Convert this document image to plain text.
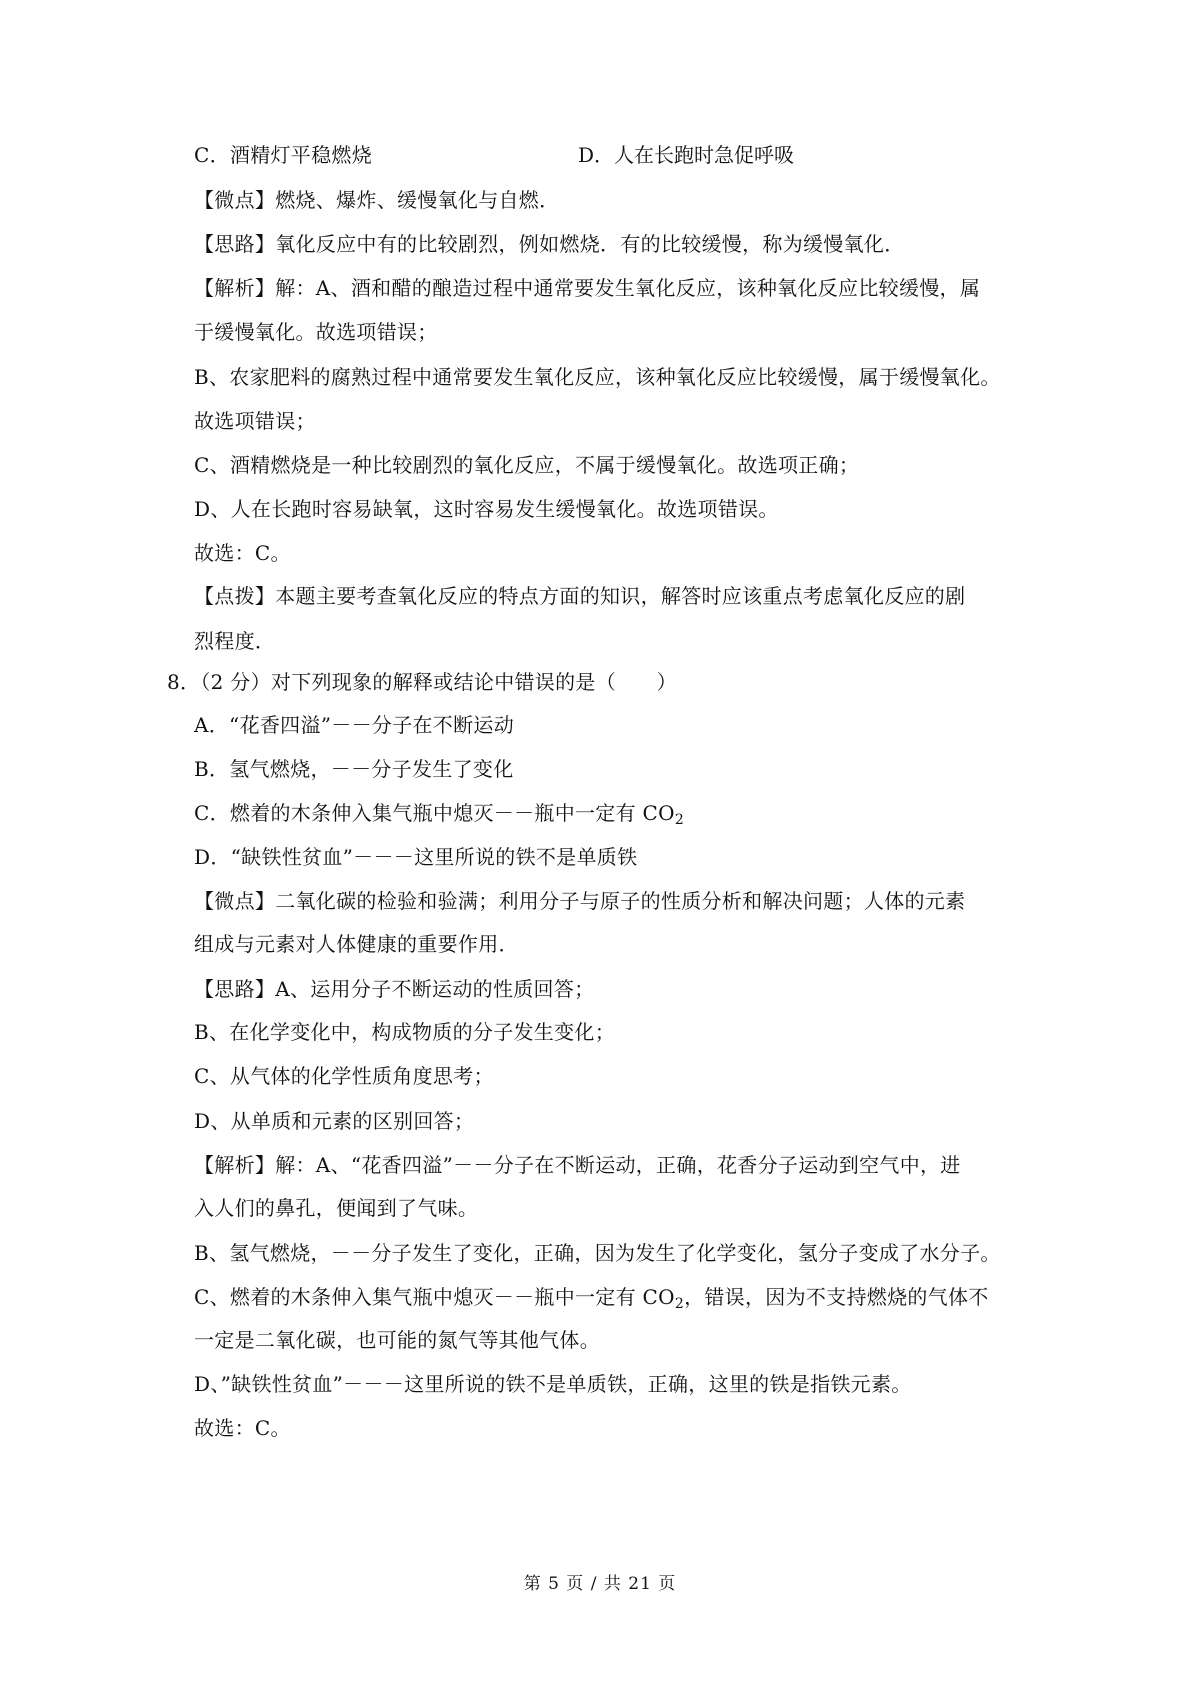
C．酒精灯平稳燃烧	D．人在长跑时急促呼吸
【微点】燃烧、爆炸、缓慢氧化与自燃．
【思路】氧化反应中有的比较剧烈，例如燃烧．有的比较缓慢，称为缓慢氧化．
【解析】解：A、酒和醋的酿造过程中通常要发生氧化反应，该种氧化反应比较缓慢，属
于缓慢氧化。故选项错误；
B、农家肥料的腐熟过程中通常要发生氧化反应，该种氧化反应比较缓慢，属于缓慢氧化。
故选项错误；
C、酒精燃烧是一种比较剧烈的氧化反应，不属于缓慢氧化。故选项正确；
D、人在长跑时容易缺氧，这时容易发生缓慢氧化。故选项错误。
故选：C。
【点拨】本题主要考查氧化反应的特点方面的知识，解答时应该重点考虑氧化反应的剧
烈程度．
8．（2 分）对下列现象的解释或结论中错误的是（　　）
A．“花香四溢”－－分子在不断运动
B．氢气燃烧，－－分子发生了变化
C．燃着的木条伸入集气瓶中熄灭－－瓶中一定有 $CO_2$
D．“缺铁性贫血”－－－这里所说的铁不是单质铁
【微点】二氧化碳的检验和验满；利用分子与原子的性质分析和解决问题；人体的元素
组成与元素对人体健康的重要作用．
【思路】A、运用分子不断运动的性质回答；
B、在化学变化中，构成物质的分子发生变化；
C、从气体的化学性质角度思考；
D、从单质和元素的区别回答；
【解析】解：A、“花香四溢”－－分子在不断运动，正确，花香分子运动到空气中，进
入人们的鼻孔，便闻到了气味。
B、氢气燃烧，－－分子发生了变化，正确，因为发生了化学变化，氢分子变成了水分子。
C、燃着的木条伸入集气瓶中熄灭－－瓶中一定有 $CO_2$，错误，因为不支持燃烧的气体不
一定是二氧化碳，也可能的氮气等其他气体。
D、”缺铁性贫血”－－－这里所说的铁不是单质铁，正确，这里的铁是指铁元素。
故选：C。
第 5 页 / 共 21 页
